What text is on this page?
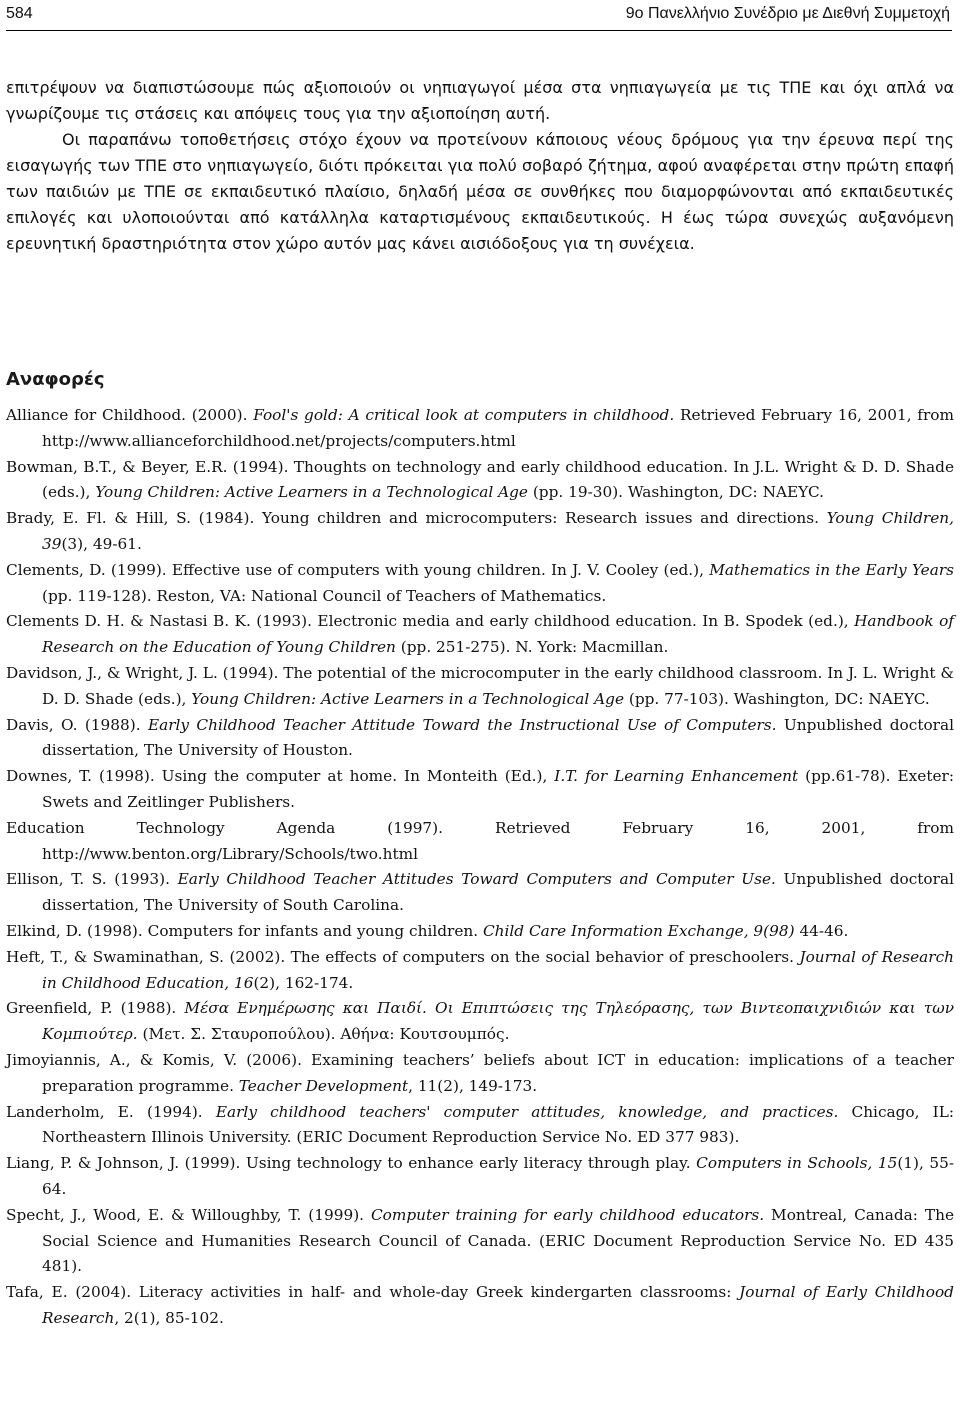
584	9ο Πανελλήνιο Συνέδριο με Διεθνή Συμμετοχή

επιτρέψουν να διαπιστώσουμε πώς αξιοποιούν οι νηπιαγωγοί μέσα στα νηπιαγωγεία με τις ΤΠΕ και όχι απλά να γνωρίζουμε τις στάσεις και απόψεις τους για την αξιοποίηση αυτή.

Οι παραπάνω τοποθετήσεις στόχο έχουν να προτείνουν κάποιους νέους δρόμους για την έρευνα περί της εισαγωγής των ΤΠΕ στο νηπιαγωγείο, διότι πρόκειται για πολύ σοβαρό ζήτημα, αφού αναφέρεται στην πρώτη επαφή των παιδιών με ΤΠΕ σε εκπαιδευτικό πλαίσιο, δηλαδή μέσα σε συνθήκες που διαμορφώνονται από εκπαιδευτικές επιλογές και υλοποιούνται από κατάλληλα καταρτισμένους εκπαιδευτικούς. Η έως τώρα συνεχώς αυξανόμενη ερευνητική δραστηριότητα στον χώρο αυτόν μας κάνει αισιόδοξους για τη συνέχεια.

Αναφορές
Alliance for Childhood. (2000). Fool's gold: A critical look at computers in childhood. Retrieved February 16, 2001, from http://www.allianceforchildhood.net/projects/computers.html
Bowman, B.T., & Beyer, E.R. (1994). Thoughts on technology and early childhood education. In J.L. Wright & D. D. Shade (eds.), Young Children: Active Learners in a Technological Age (pp. 19-30). Washington, DC: NAEYC.
Brady, E. Fl. & Hill, S. (1984). Young children and microcomputers: Research issues and directions. Young Children, 39(3), 49-61.
Clements, D. (1999). Effective use of computers with young children. In J. V. Cooley (ed.), Mathematics in the Early Years (pp. 119-128). Reston, VA: National Council of Teachers of Mathematics.
Clements D. H. & Nastasi B. K. (1993). Electronic media and early childhood education. In B. Spodek (ed.), Handbook of Research on the Education of Young Children (pp. 251-275). N. York: Macmillan.
Davidson, J., & Wright, J. L. (1994). The potential of the microcomputer in the early childhood classroom. In J. L. Wright & D. D. Shade (eds.), Young Children: Active Learners in a Technological Age (pp. 77-103). Washington, DC: NAEYC.
Davis, O. (1988). Early Childhood Teacher Attitude Toward the Instructional Use of Computers. Unpublished doctoral dissertation, The University of Houston.
Downes, T. (1998). Using the computer at home. In Monteith (Ed.), I.T. for Learning Enhancement (pp.61-78). Exeter: Swets and Zeitlinger Publishers.
Education Technology Agenda (1997). Retrieved February 16, 2001, from http://www.benton.org/Library/Schools/two.html
Ellison, T. S. (1993). Early Childhood Teacher Attitudes Toward Computers and Computer Use. Unpublished doctoral dissertation, The University of South Carolina.
Elkind, D. (1998). Computers for infants and young children. Child Care Information Exchange, 9(98) 44-46.
Heft, T., & Swaminathan, S. (2002). The effects of computers on the social behavior of preschoolers. Journal of Research in Childhood Education, 16(2), 162-174.
Greenfield, P. (1988). Μέσα Ενημέρωσης και Παιδί. Οι Επιπτώσεις της Τηλεόρασης, των Βιντεοπαιχνιδιών και των Κομπιούτερ. (Μετ. Σ. Σταυροπούλου). Αθήνα: Κουτσουμπός.
Jimoyiannis, A., & Komis, V. (2006). Examining teachers’ beliefs about ICT in education: implications of a teacher preparation programme. Teacher Development, 11(2), 149-173.
Landerholm, E. (1994). Early childhood teachers' computer attitudes, knowledge, and practices. Chicago, IL: Northeastern Illinois University. (ERIC Document Reproduction Service No. ED 377 983).
Liang, P. & Johnson, J. (1999). Using technology to enhance early literacy through play. Computers in Schools, 15(1), 55-64.
Specht, J., Wood, E. & Willoughby, T. (1999). Computer training for early childhood educators. Montreal, Canada: The Social Science and Humanities Research Council of Canada. (ERIC Document Reproduction Service No. ED 435 481).
Tafa, E. (2004). Literacy activities in half- and whole-day Greek kindergarten classrooms: Journal of Early Childhood Research, 2(1), 85-102.
